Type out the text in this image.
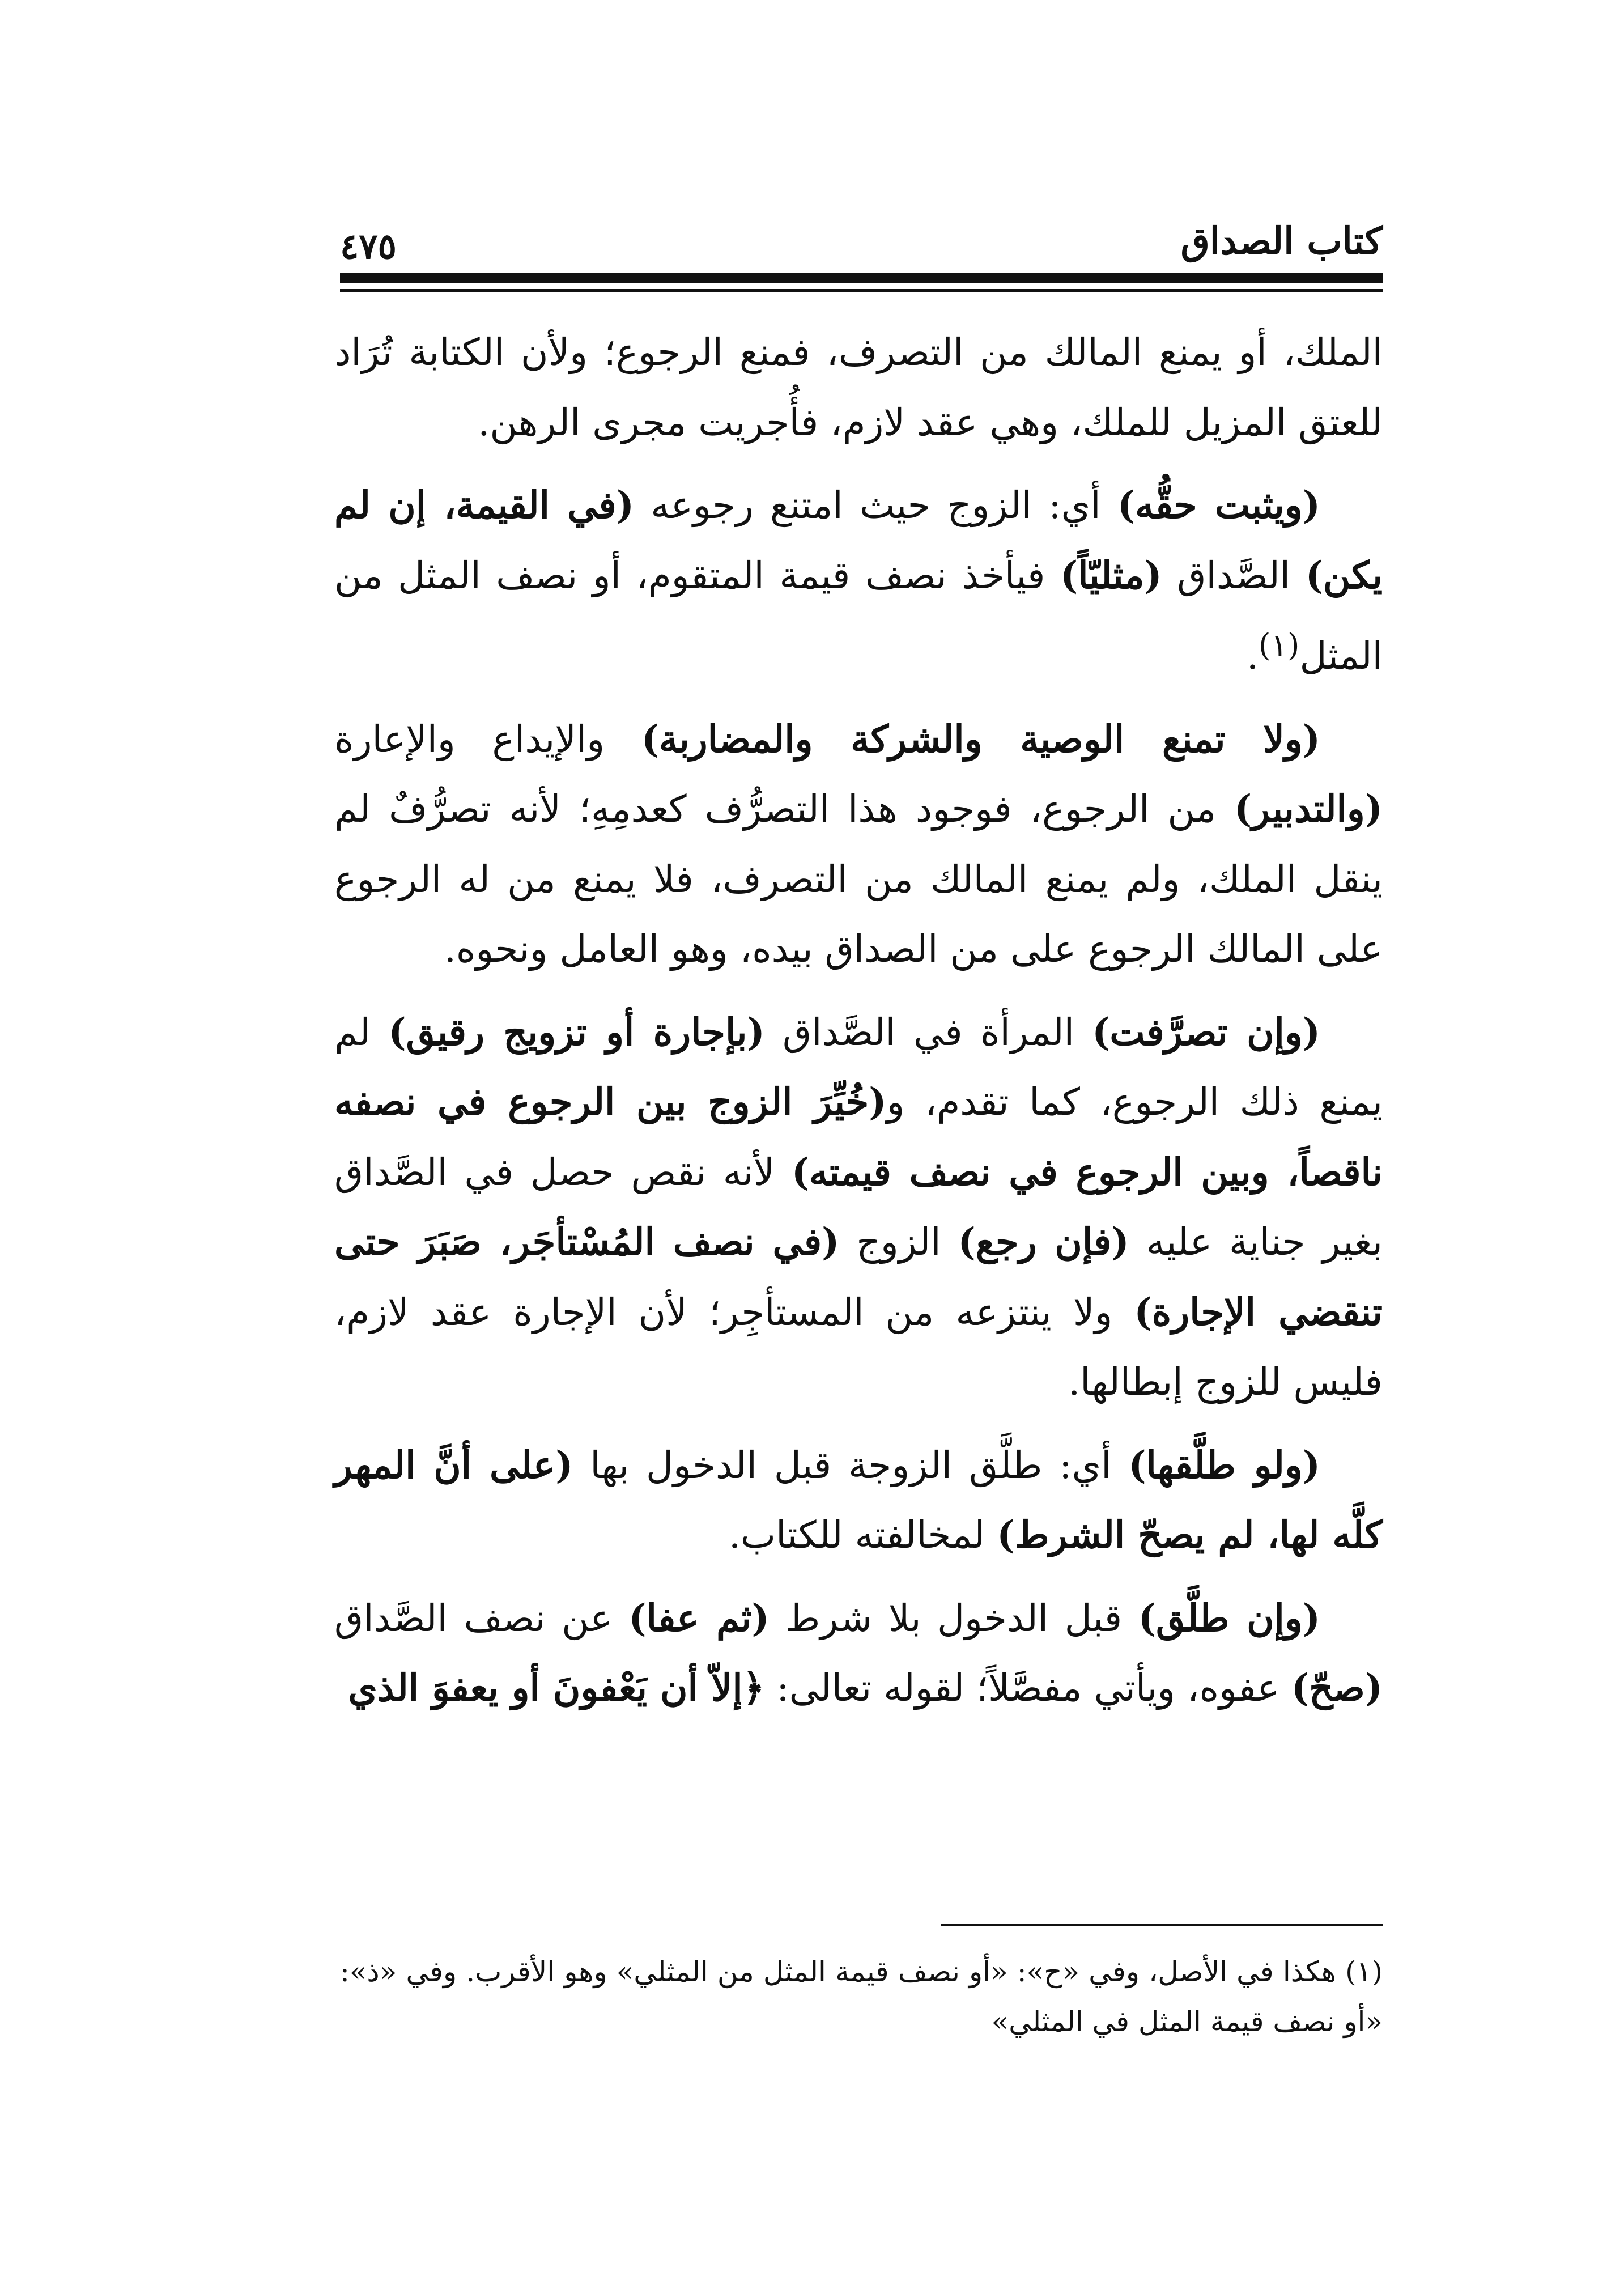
كتاب الصداق
٤٧٥

الملك، أو يمنع المالك من التصرف، فمنع الرجوع؛ ولأن الكتابة تُرَاد للعتق المزيل للملك، وهي عقد لازم، فأُجريت مجرى الرهن.

(ويثبت حقُّه) أي: الزوج حيث امتنع رجوعه (في القيمة، إن لم يكن) الصَّداق (مثليّاً) فيأخذ نصف قيمة المتقوم، أو نصف المثل من المثل$^{(١)}$.

(ولا تمنع الوصية والشركة والمضاربة) والإيداع والإعارة (والتدبير) من الرجوع، فوجود هذا التصرُّف كعدمِهِ؛ لأنه تصرُّفٌ لم ينقل الملك، ولم يمنع المالك من التصرف، فلا يمنع من له الرجوع على المالك الرجوع على من الصداق بيده، وهو العامل ونحوه.

(وإن تصرَّفت) المرأة في الصَّداق (بإجارة أو تزويج رقيق) لم يمنع ذلك الرجوع، كما تقدم، و(خُيِّرَ الزوج بين الرجوع في نصفه ناقصاً، وبين الرجوع في نصف قيمته) لأنه نقص حصل في الصَّداق بغير جناية عليه (فإن رجع) الزوج (في نصف المُسْتأجَر، صَبَرَ حتى تنقضي الإجارة) ولا ينتزعه من المستأجِر؛ لأن الإجارة عقد لازم، فليس للزوج إبطالها.

(ولو طلَّقها) أي: طلَّق الزوجة قبل الدخول بها (على أنَّ المهر كلَّه لها، لم يصحّ الشرط) لمخالفته للكتاب.

(وإن طلَّق) قبل الدخول بلا شرط (ثم عفا) عن نصف الصَّداق (صحّ) عفوه، ويأتي مفصَّلاً؛ لقوله تعالى: ﴿إلاّ أن يَعْفونَ أو يعفوَ الذي

(١) هكذا في الأصل، وفي «ح»: «أو نصف قيمة المثل من المثلي» وهو الأقرب. وفي «ذ»: «أو نصف قيمة المثل في المثلي»
